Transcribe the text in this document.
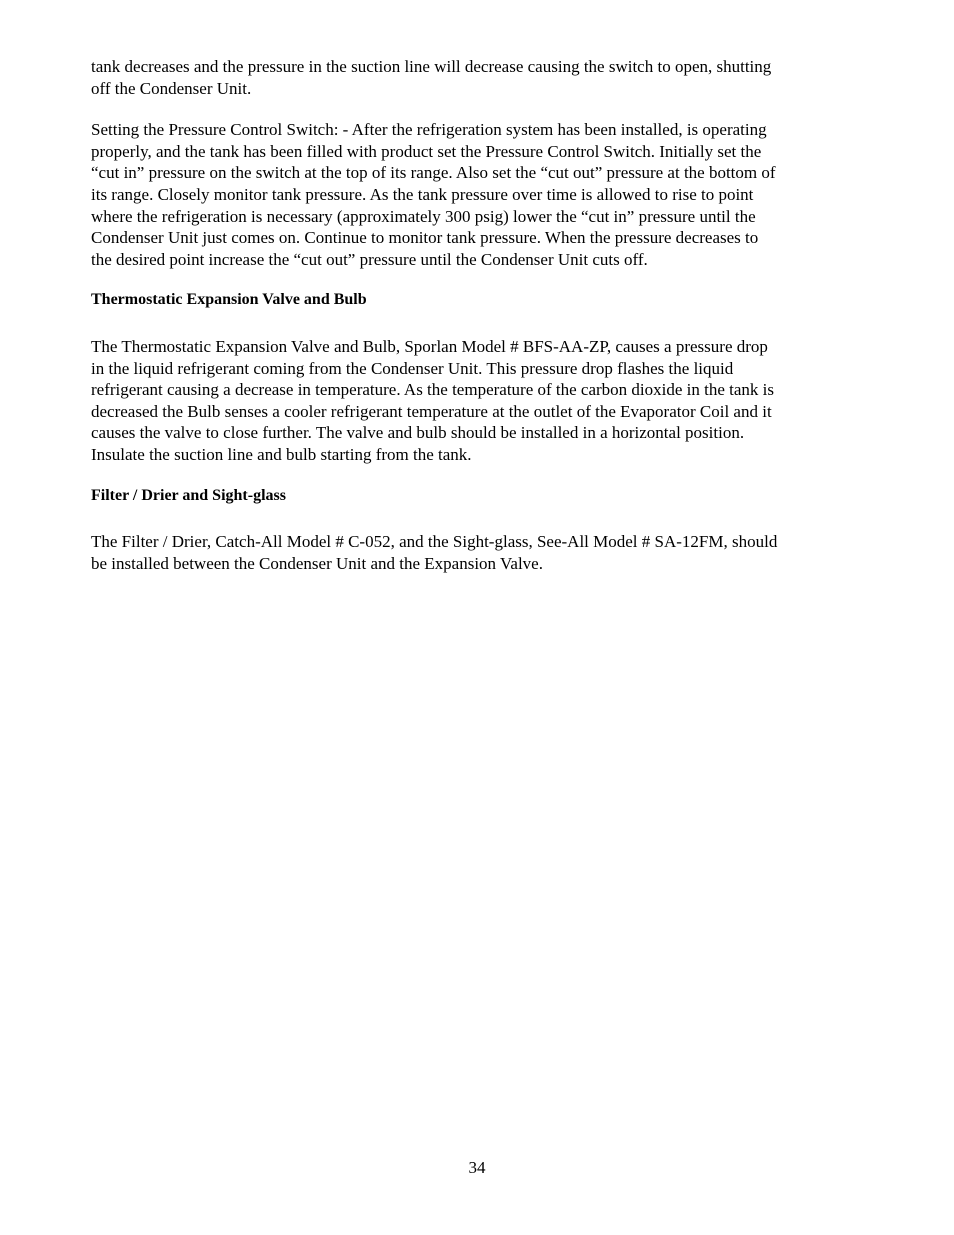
tank decreases and the pressure in the suction line will decrease causing the switch to open, shutting
off the Condenser Unit.

Setting the Pressure Control Switch: - After the refrigeration system has been installed, is operating
properly, and the tank has been filled with product set the Pressure Control Switch. Initially set the
“cut in” pressure on the switch at the top of its range. Also set the “cut out” pressure at the bottom of
its range. Closely monitor tank pressure. As the tank pressure over time is allowed to rise to point
where the refrigeration is necessary (approximately 300 psig) lower the “cut in” pressure until the
Condenser Unit just comes on. Continue to monitor tank pressure. When the pressure decreases to
the desired point increase the “cut out” pressure until the Condenser Unit cuts off.

Thermostatic Expansion Valve and Bulb

The Thermostatic Expansion Valve and Bulb, Sporlan Model # BFS-AA-ZP, causes a pressure drop
in the liquid refrigerant coming from the Condenser Unit. This pressure drop flashes the liquid
refrigerant causing a decrease in temperature. As the temperature of the carbon dioxide in the tank is
decreased the Bulb senses a cooler refrigerant temperature at the outlet of the Evaporator Coil and it
causes the valve to close further. The valve and bulb should be installed in a horizontal position.
Insulate the suction line and bulb starting from the tank.

Filter / Drier and Sight-glass

The Filter / Drier, Catch-All Model # C-052, and the Sight-glass, See-All Model # SA-12FM, should
be installed between the Condenser Unit and the Expansion Valve.

34
